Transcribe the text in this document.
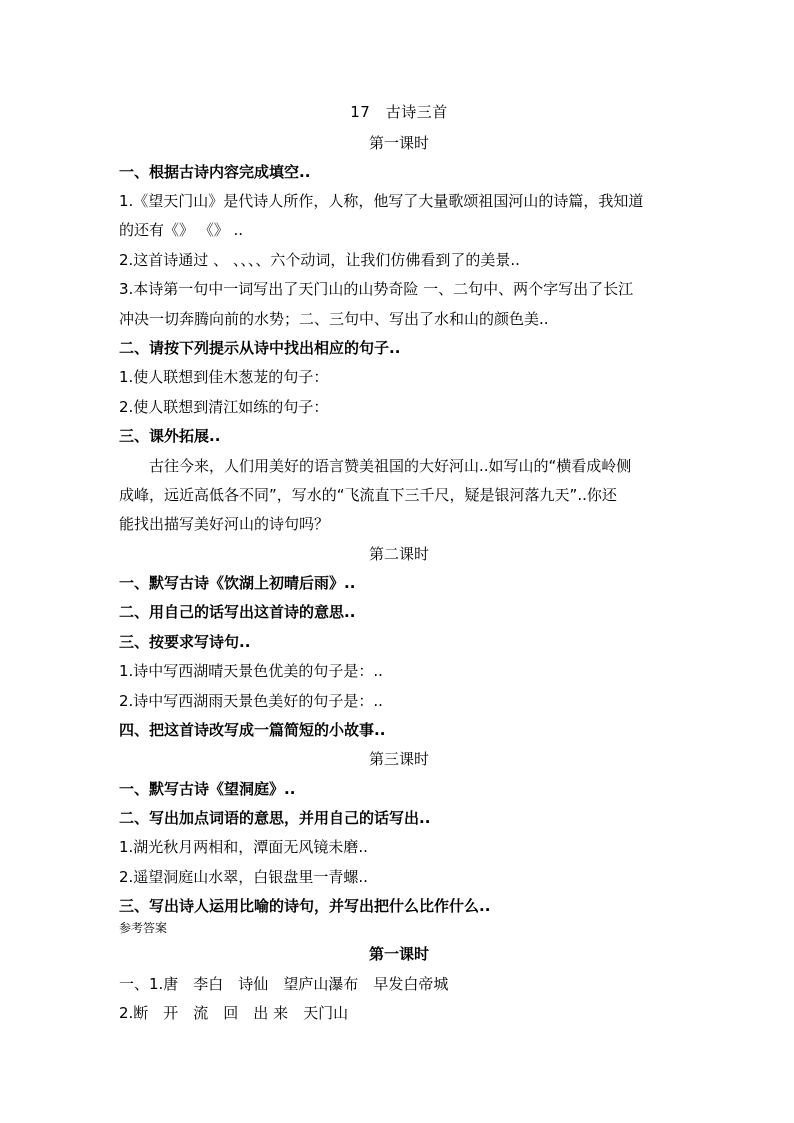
17　古诗三首
第一课时
一、根据古诗内容完成填空..
1.《望天门山》是代诗人所作，人称，他写了大量歌颂祖国河山的诗篇，我知道
的还有《》 《》 ..
2.这首诗通过 、 、、、、六个动词，让我们仿佛看到了的美景..
3.本诗第一句中一词写出了天门山的山势奇险 一、二句中、两个字写出了长江
冲决一切奔腾向前的水势；二、三句中、写出了水和山的颜色美..
二、请按下列提示从诗中找出相应的句子..
1.使人联想到佳木葱茏的句子：
2.使人联想到清江如练的句子：
三、课外拓展..
古往今来，人们用美好的语言赞美祖国的大好河山..如写山的“横看成岭侧
成峰，远近高低各不同”，写水的“飞流直下三千尺，疑是银河落九天”..你还
能找出描写美好河山的诗句吗？
第二课时
一、默写古诗《饮湖上初晴后雨》..
二、用自己的话写出这首诗的意思..
三、按要求写诗句..
1.诗中写西湖晴天景色优美的句子是：..
2.诗中写西湖雨天景色美好的句子是：..
四、把这首诗改写成一篇简短的小故事..
第三课时
一、默写古诗《望洞庭》..
二、写出加点词语的意思，并用自己的话写出..
1.湖光秋月两相和，潭面无风镜未磨..
2.遥望洞庭山水翠，白银盘里一青螺..
三、写出诗人运用比喻的诗句，并写出把什么比作什么..
参考答案
第一课时
一、1.唐　李白　诗仙　望庐山瀑布　早发白帝城
2.断　开　流　回　出 来　天门山
